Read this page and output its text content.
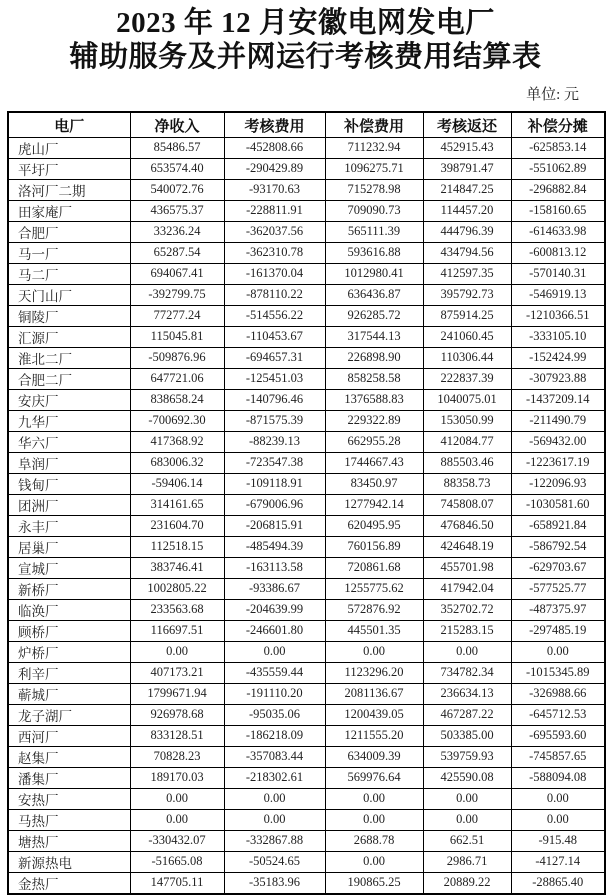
2023 年 12 月安徽电网发电厂
辅助服务及并网运行考核费用结算表
单位: 元
电厂	净收入	考核费用	补偿费用	考核返还	补偿分摊
虎山厂	85486.57	-452808.66	711232.94	452915.43	-625853.14
平圩厂	653574.40	-290429.89	1096275.71	398791.47	-551062.89
洛河厂二期	540072.76	-93170.63	715278.98	214847.25	-296882.84
田家庵厂	436575.37	-228811.91	709090.73	114457.20	-158160.65
合肥厂	33236.24	-362037.56	565111.39	444796.39	-614633.98
马一厂	65287.54	-362310.78	593616.88	434794.56	-600813.12
马二厂	694067.41	-161370.04	1012980.41	412597.35	-570140.31
天门山厂	-392799.75	-878110.22	636436.87	395792.73	-546919.13
铜陵厂	77277.24	-514556.22	926285.72	875914.25	-1210366.51
汇源厂	115045.81	-110453.67	317544.13	241060.45	-333105.10
淮北二厂	-509876.96	-694657.31	226898.90	110306.44	-152424.99
合肥二厂	647721.06	-125451.03	858258.58	222837.39	-307923.88
安庆厂	838658.24	-140796.46	1376588.83	1040075.01	-1437209.14
九华厂	-700692.30	-871575.39	229322.89	153050.99	-211490.79
华六厂	417368.92	-88239.13	662955.28	412084.77	-569432.00
阜润厂	683006.32	-723547.38	1744667.43	885503.46	-1223617.19
钱甸厂	-59406.14	-109118.91	83450.97	88358.73	-122096.93
团洲厂	314161.65	-679006.96	1277942.14	745808.07	-1030581.60
永丰厂	231604.70	-206815.91	620495.95	476846.50	-658921.84
居巢厂	112518.15	-485494.39	760156.89	424648.19	-586792.54
宣城厂	383746.41	-163113.58	720861.68	455701.98	-629703.67
新桥厂	1002805.22	-93386.67	1255775.62	417942.04	-577525.77
临涣厂	233563.68	-204639.99	572876.92	352702.72	-487375.97
顾桥厂	116697.51	-246601.80	445501.35	215283.15	-297485.19
炉桥厂	0.00	0.00	0.00	0.00	0.00
利辛厂	407173.21	-435559.44	1123296.20	734782.34	-1015345.89
蕲城厂	1799671.94	-191110.20	2081136.67	236634.13	-326988.66
龙子湖厂	926978.68	-95035.06	1200439.05	467287.22	-645712.53
西河厂	833128.51	-186218.09	1211555.20	503385.00	-695593.60
赵集厂	70828.23	-357083.44	634009.39	539759.93	-745857.65
潘集厂	189170.03	-218302.61	569976.64	425590.08	-588094.08
安热厂	0.00	0.00	0.00	0.00	0.00
马热厂	0.00	0.00	0.00	0.00	0.00
塘热厂	-330432.07	-332867.88	2688.78	662.51	-915.48
新源热电	-51665.08	-50524.65	0.00	2986.71	-4127.14
金热厂	147705.11	-35183.96	190865.25	20889.22	-28865.40
